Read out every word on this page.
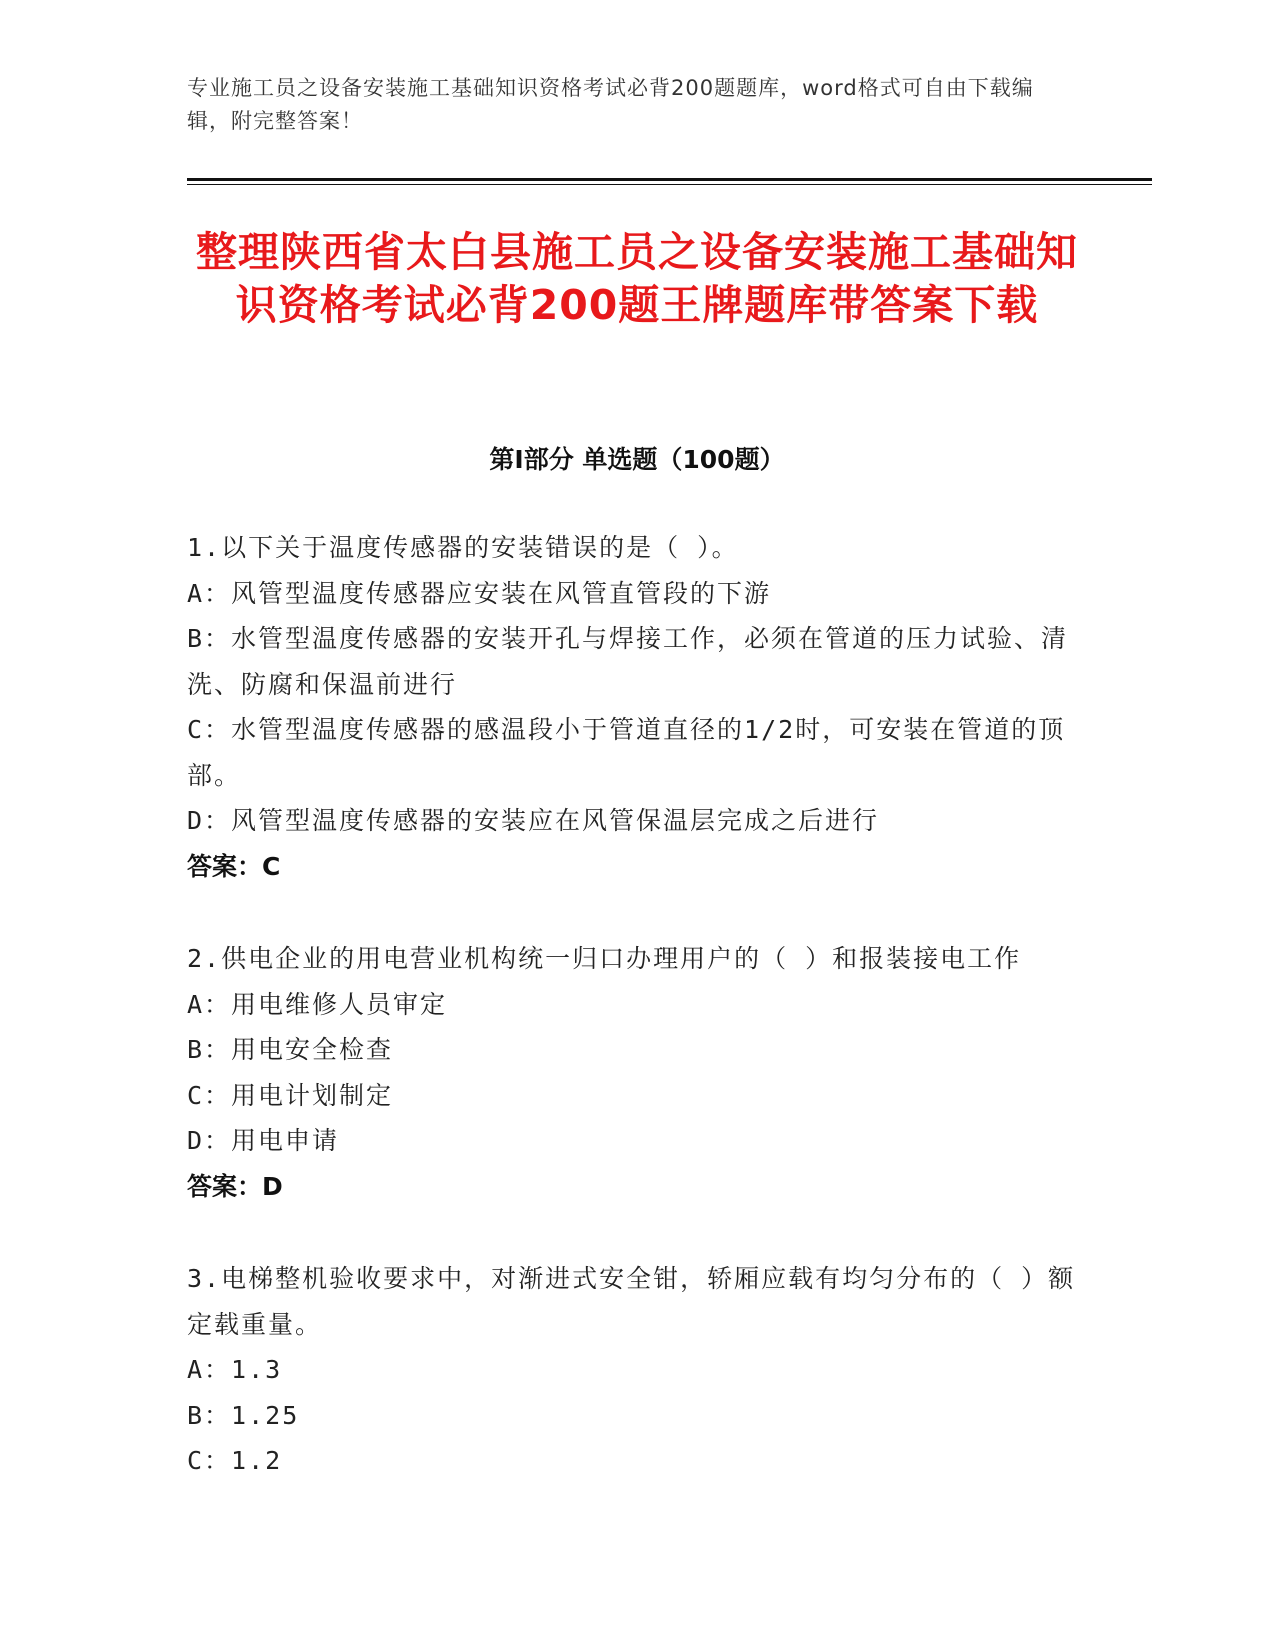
专业施工员之设备安装施工基础知识资格考试必背200题题库，word格式可自由下载编辑，附完整答案！
整理陕西省太白县施工员之设备安装施工基础知识资格考试必背200题王牌题库带答案下载
第Ⅰ部分 单选题（100题）
1.以下关于温度传感器的安装错误的是（ ）。
A：风管型温度传感器应安装在风管直管段的下游
B：水管型温度传感器的安装开孔与焊接工作，必须在管道的压力试验、清洗、防腐和保温前进行
C：水管型温度传感器的感温段小于管道直径的1/2时，可安装在管道的顶部。
D：风管型温度传感器的安装应在风管保温层完成之后进行
答案：C
2.供电企业的用电营业机构统一归口办理用户的（ ）和报装接电工作
A：用电维修人员审定
B：用电安全检查
C：用电计划制定
D：用电申请
答案：D
3.电梯整机验收要求中，对渐进式安全钳，轿厢应载有均匀分布的（ ）额定载重量。
A：1.3
B：1.25
C：1.2
